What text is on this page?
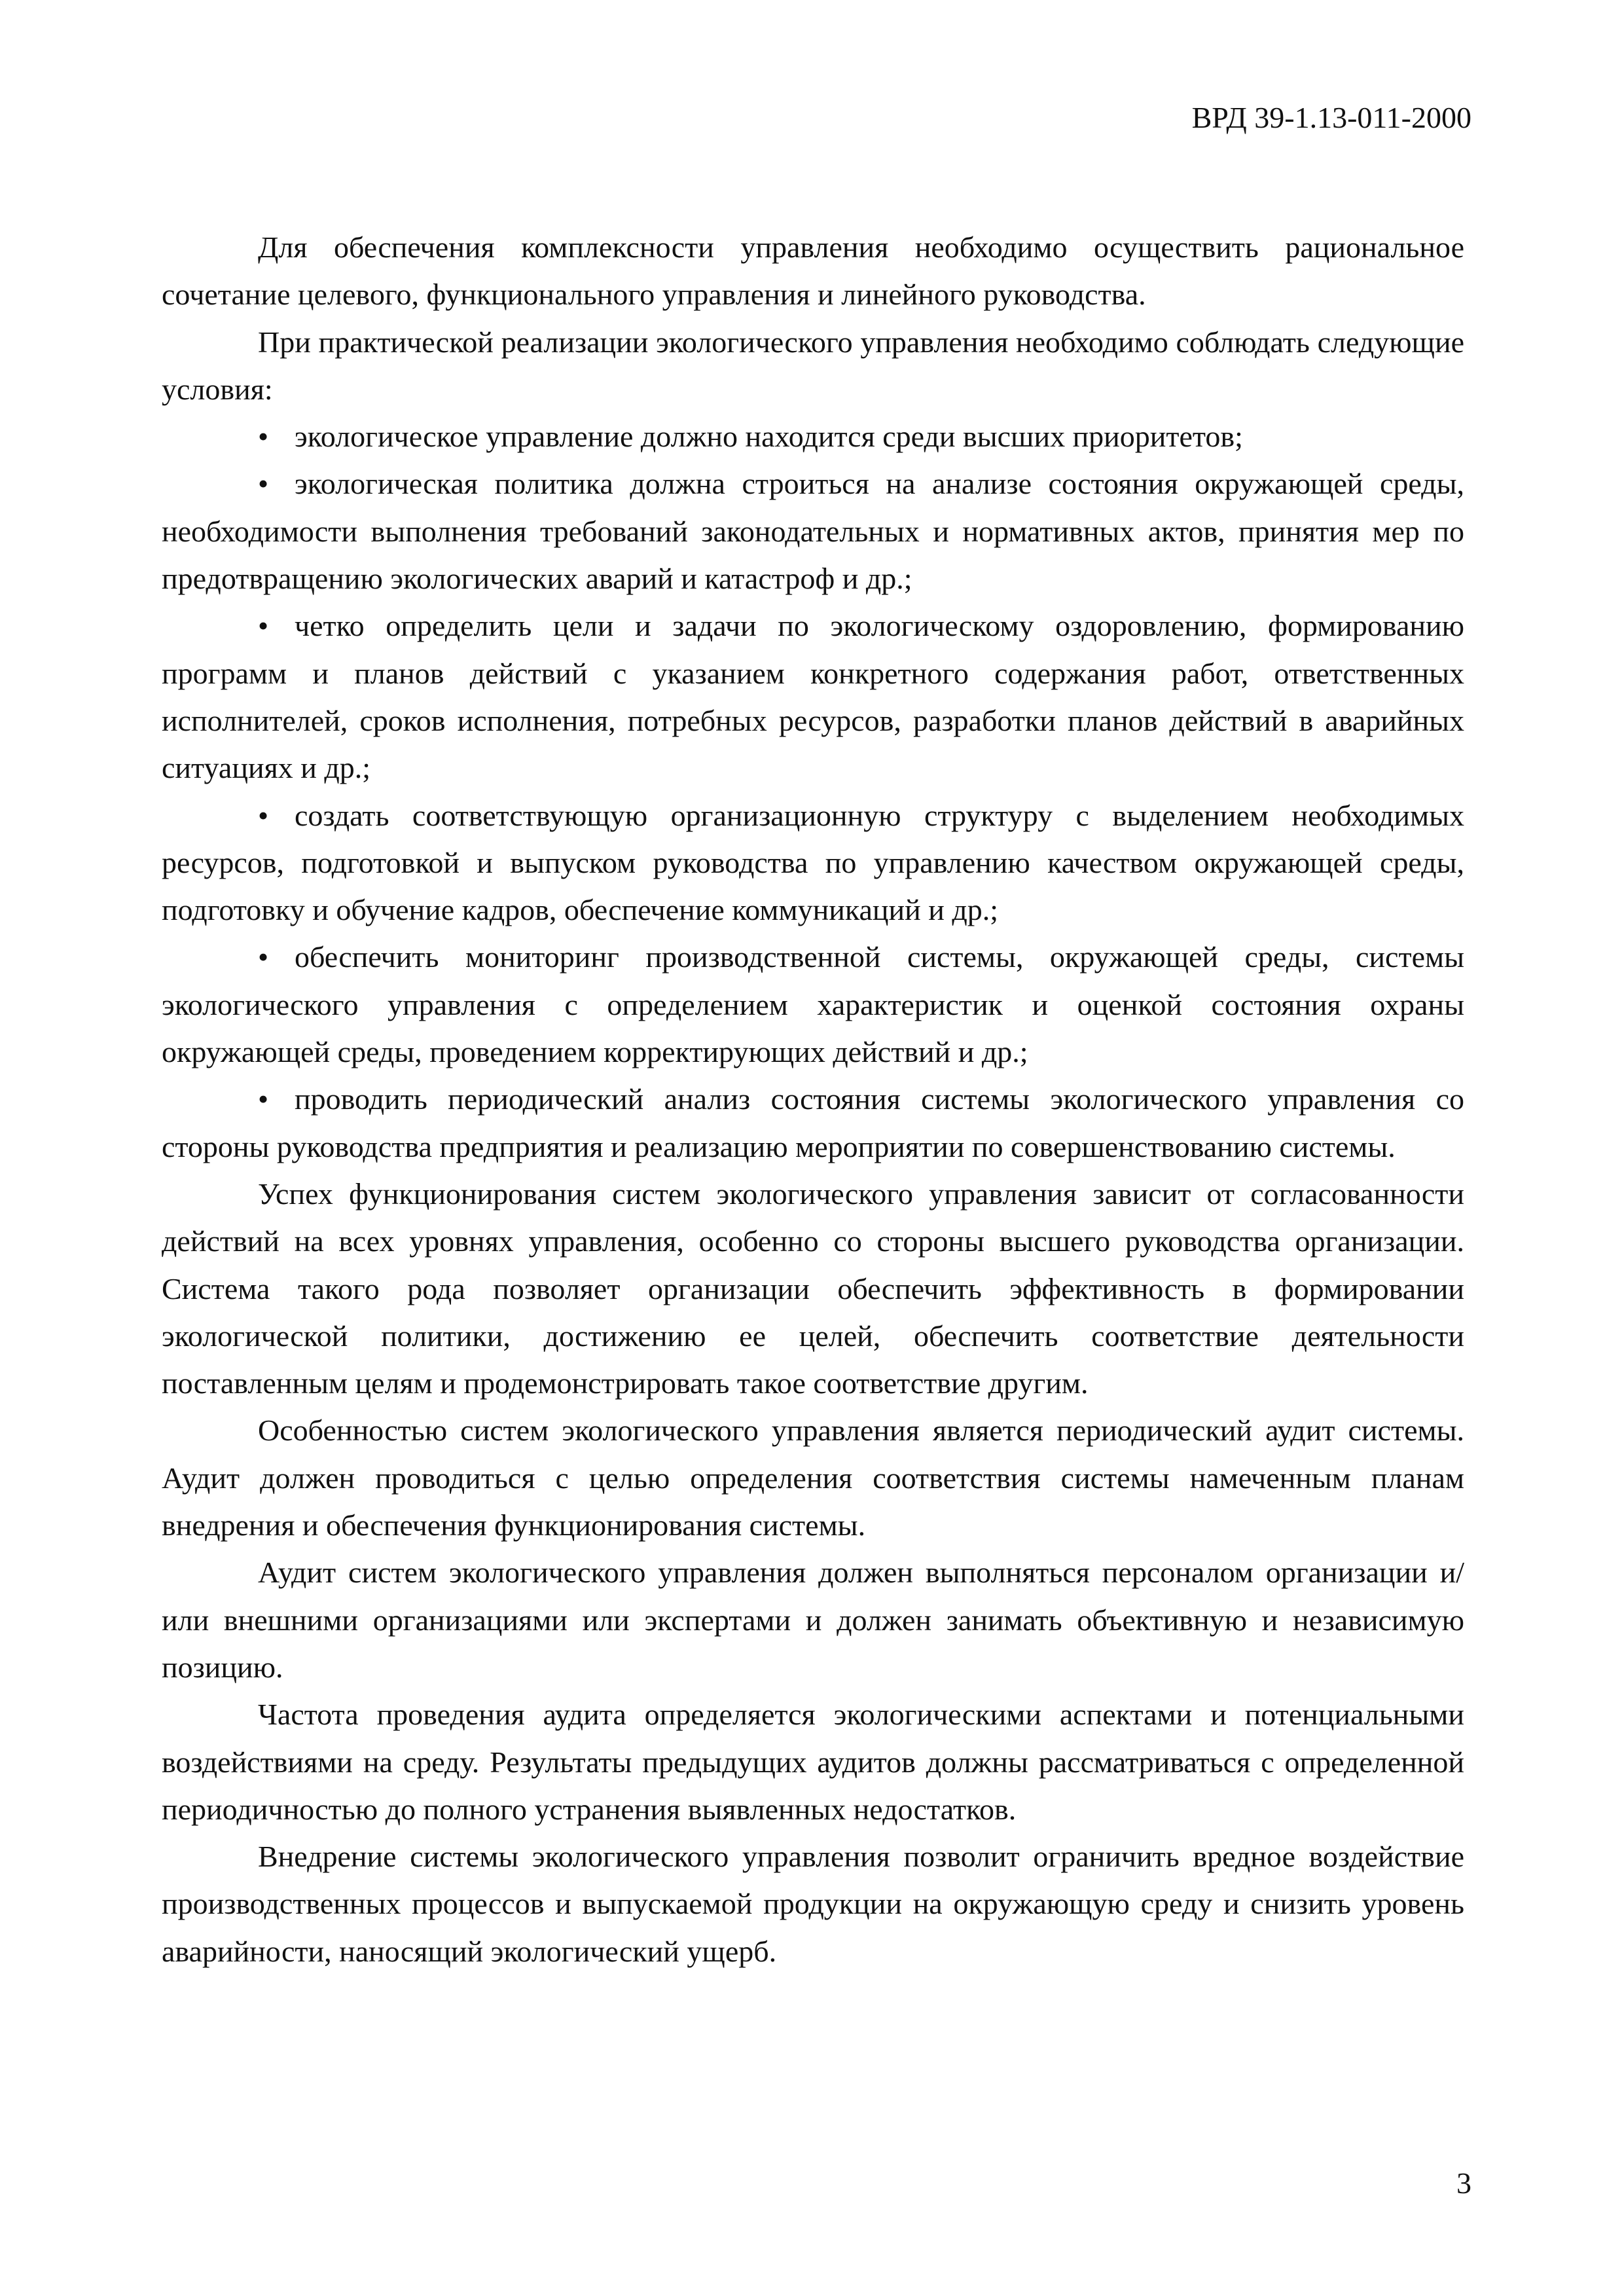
ВРД 39-1.13-011-2000

Для обеспечения комплексности управления необходимо осуществить рациональное сочетание целевого, функционального управления и линейного руководства.

При практической реализации экологического управления необходимо соблюдать следующие условия:

• экологическое управление должно находится среди высших приоритетов;

• экологическая политика должна строиться на анализе состояния окружающей среды, необходимости выполнения требований законодательных и нормативных актов, принятия мер по предотвращению экологических аварий и катастроф и др.;

• четко определить цели и задачи по экологическому оздоровлению, формированию программ и планов действий с указанием конкретного содержания работ, ответственных исполнителей, сроков исполнения, потребных ресурсов, разработки планов действий в аварийных ситуациях и др.;

• создать соответствующую организационную структуру с выделением необходимых ресурсов, подготовкой и выпуском руководства по управлению качеством окружающей среды, подготовку и обучение кадров, обеспечение коммуникаций и др.;

• обеспечить мониторинг производственной системы, окружающей среды, системы экологического управления с определением характеристик и оценкой состояния охраны окружающей среды, проведением корректирующих действий и др.;

• проводить периодический анализ состояния системы экологического управления со стороны руководства предприятия и реализацию мероприятии по совершенствованию системы.

Успех функционирования систем экологического управления зависит от согласованности действий на всех уровнях управления, особенно со стороны высшего руководства организации. Система такого рода позволяет организации обеспечить эффективность в формировании экологической политики, достижению ее целей, обеспечить соответствие деятельности поставленным целям и продемонстрировать такое соответствие другим.

Особенностью систем экологического управления является периодический аудит системы. Аудит должен проводиться с целью определения соответствия системы намеченным планам внедрения и обеспечения функционирования системы.

Аудит систем экологического управления должен выполняться персоналом организации и/или внешними организациями или экспертами и должен занимать объективную и независимую позицию.

Частота проведения аудита определяется экологическими аспектами и потенциальными воздействиями на среду. Результаты предыдущих аудитов должны рассматриваться с определенной периодичностью до полного устранения выявленных недостатков.

Внедрение системы экологического управления позволит ограничить вредное воздействие производственных процессов и выпускаемой продукции на окружающую среду и снизить уровень аварийности, наносящий экологический ущерб.

3
